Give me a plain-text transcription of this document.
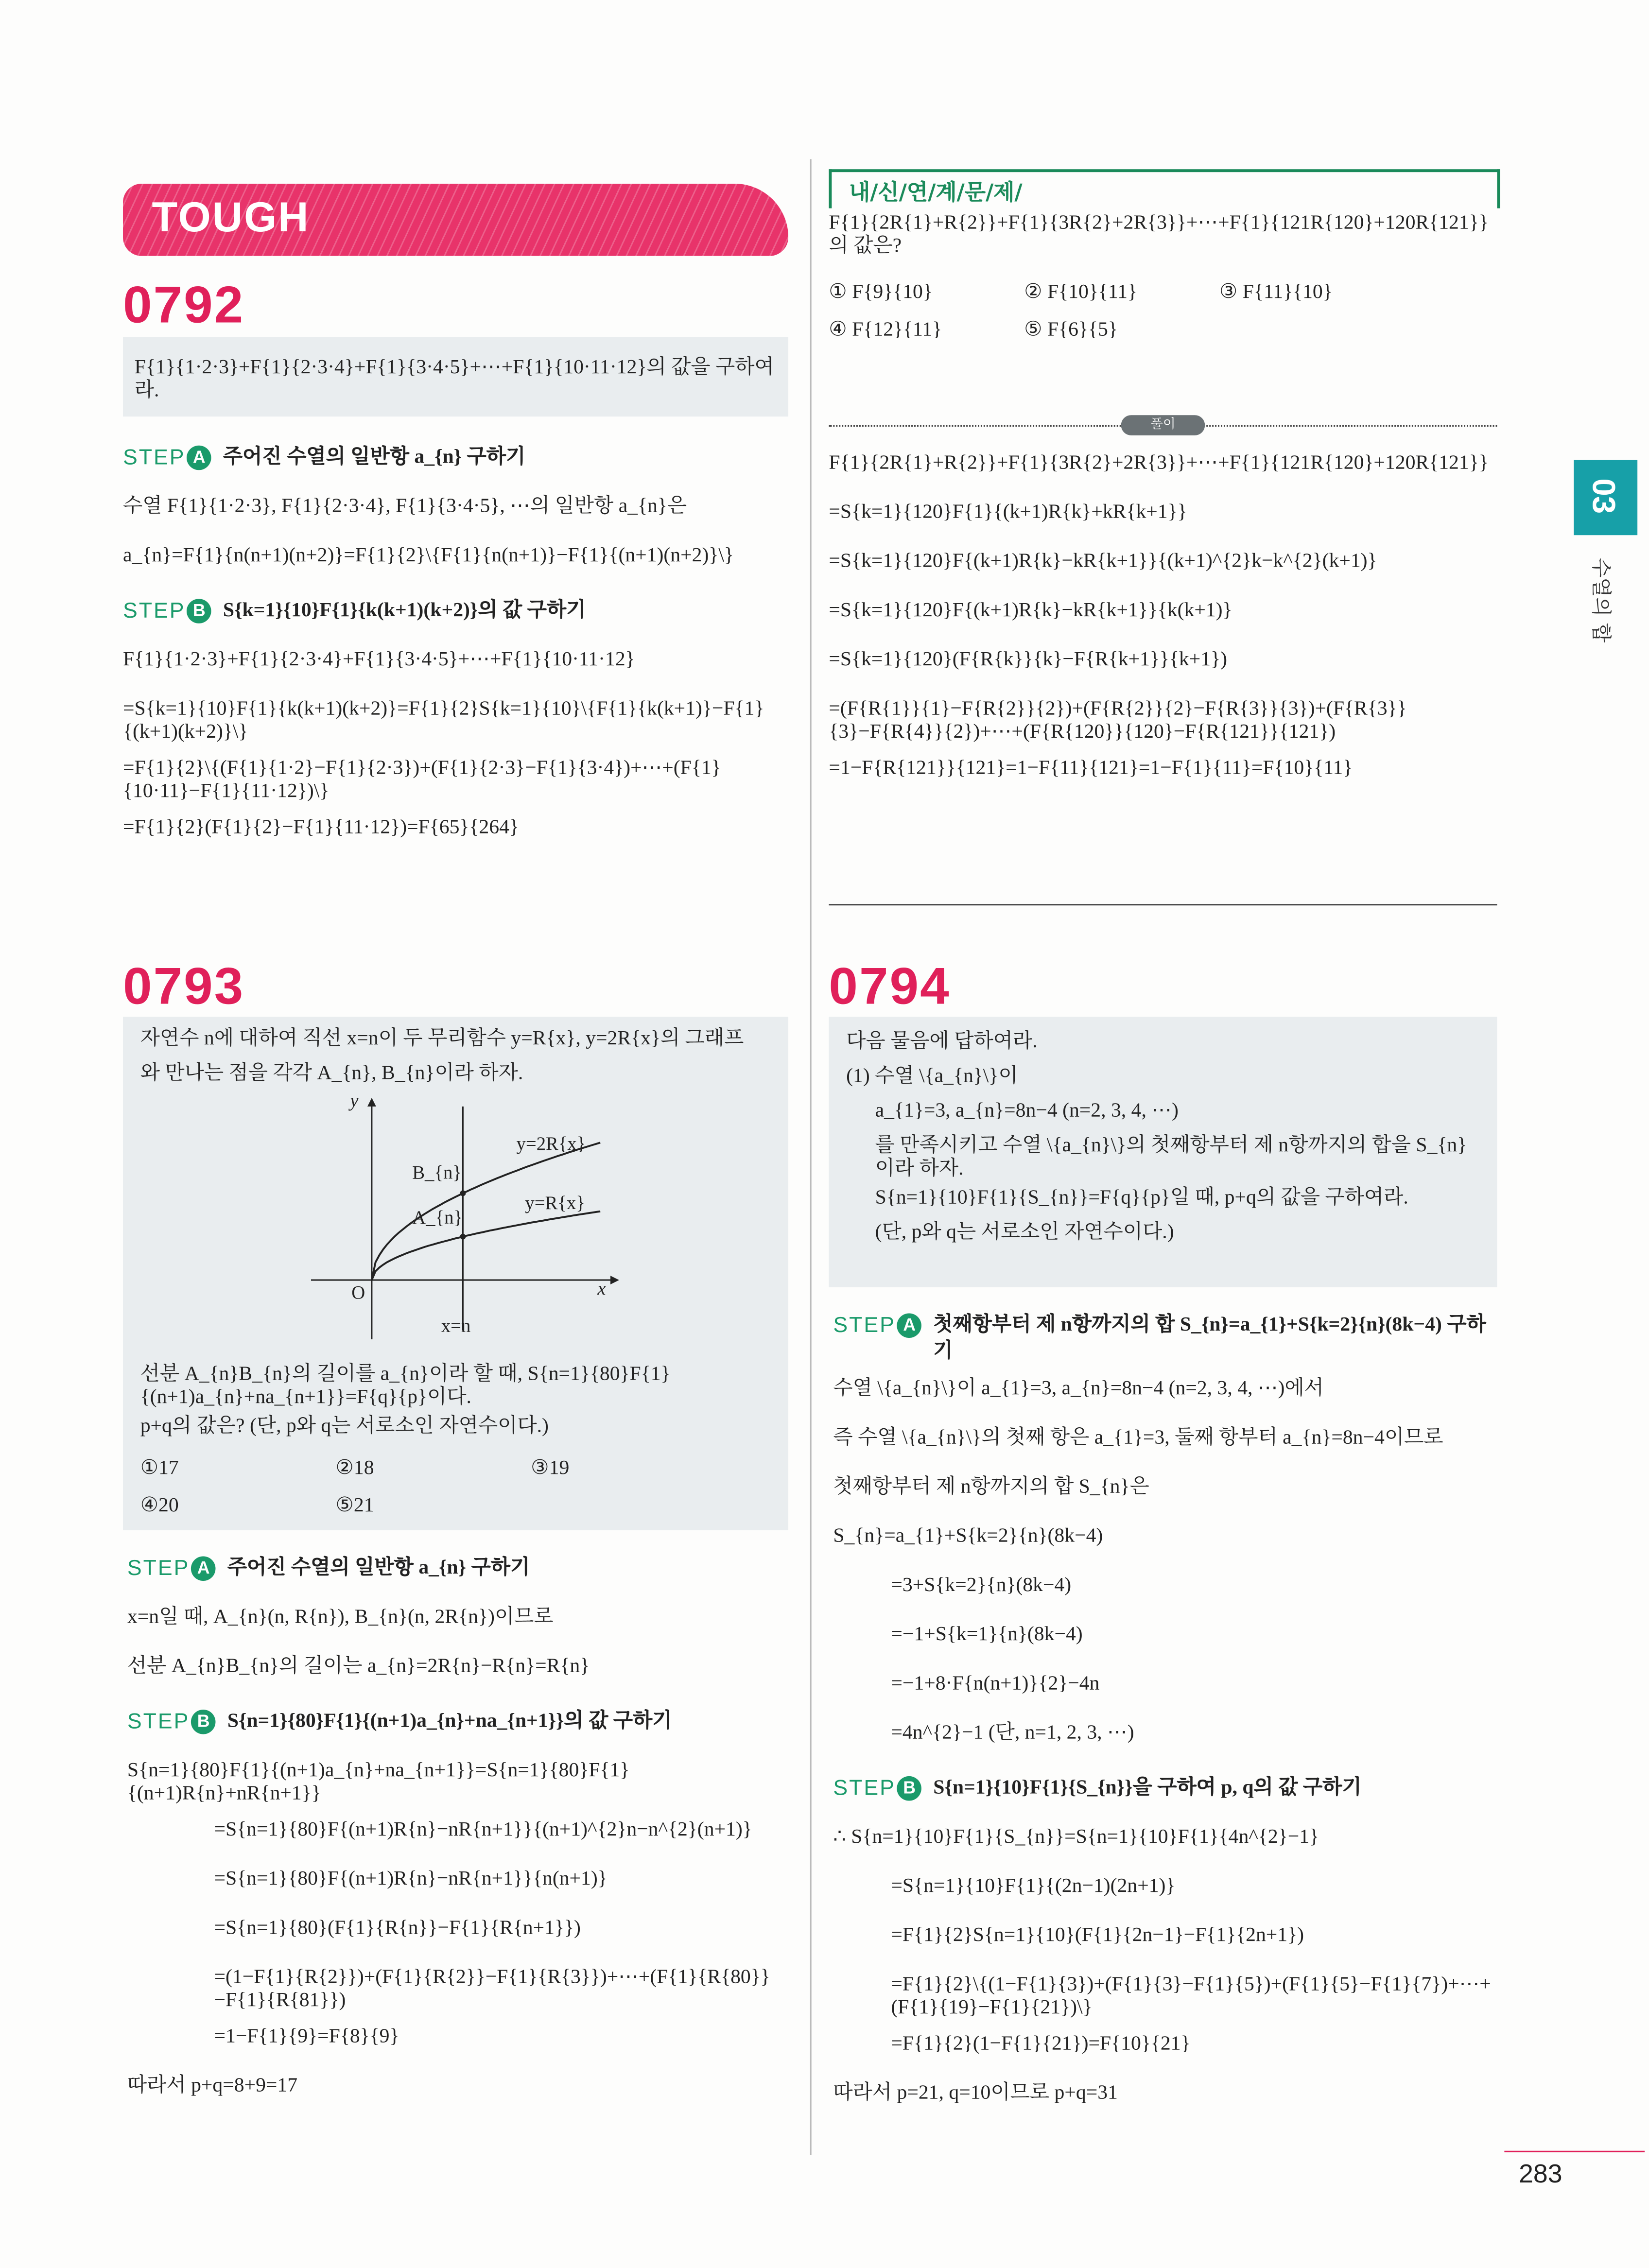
TOUGH
0792
F{1}{1·2·3}+F{1}{2·3·4}+F{1}{3·4·5}+⋯+F{1}{10·11·12}의 값을 구하여라.
STEP	A	주어진 수열의 일반항 a_{n} 구하기
수열 F{1}{1·2·3}, F{1}{2·3·4}, F{1}{3·4·5}, ⋯의 일반항 a_{n}은
a_{n}=F{1}{n(n+1)(n+2)}=F{1}{2}\{F{1}{n(n+1)}−F{1}{(n+1)(n+2)}\}
STEP	B	S{k=1}{10}F{1}{k(k+1)(k+2)}의 값 구하기
F{1}{1·2·3}+F{1}{2·3·4}+F{1}{3·4·5}+⋯+F{1}{10·11·12}
=S{k=1}{10}F{1}{k(k+1)(k+2)}=F{1}{2}S{k=1}{10}\{F{1}{k(k+1)}−F{1}{(k+1)(k+2)}\}
=F{1}{2}\{(F{1}{1·2}−F{1}{2·3})+(F{1}{2·3}−F{1}{3·4})+⋯+(F{1}{10·11}−F{1}{11·12})\}
=F{1}{2}(F{1}{2}−F{1}{11·12})=F{65}{264}
0793
자연수 n에 대하여 직선 x=n이 두 무리함수 y=R{x}, y=2R{x}의 그래프
와 만나는 점을 각각 A_{n}, B_{n}이라 하자.
y
x
O
y=2R{x}
y=R{x}
B_{n}
A_{n}
x=n
선분 A_{n}B_{n}의 길이를 a_{n}이라 할 때, S{n=1}{80}F{1}{(n+1)a_{n}+na_{n+1}}=F{q}{p}이다.
p+q의 값은? (단, p와 q는 서로소인 자연수이다.)
①17	②18	③19
④20	⑤21
STEP	A	주어진 수열의 일반항 a_{n} 구하기
x=n일 때, A_{n}(n, R{n}), B_{n}(n, 2R{n})이므로
선분 A_{n}B_{n}의 길이는 a_{n}=2R{n}−R{n}=R{n}
STEP	B	S{n=1}{80}F{1}{(n+1)a_{n}+na_{n+1}}의 값 구하기
S{n=1}{80}F{1}{(n+1)a_{n}+na_{n+1}}=S{n=1}{80}F{1}{(n+1)R{n}+nR{n+1}}
=S{n=1}{80}F{(n+1)R{n}−nR{n+1}}{(n+1)^{2}n−n^{2}(n+1)}
=S{n=1}{80}F{(n+1)R{n}−nR{n+1}}{n(n+1)}
=S{n=1}{80}(F{1}{R{n}}−F{1}{R{n+1}})
=(1−F{1}{R{2}})+(F{1}{R{2}}−F{1}{R{3}})+⋯+(F{1}{R{80}}−F{1}{R{81}})
=1−F{1}{9}=F{8}{9}
따라서 p+q=8+9=17
내/신/연/계/문/제/
F{1}{2R{1}+R{2}}+F{1}{3R{2}+2R{3}}+⋯+F{1}{121R{120}+120R{121}}의 값은?
① F{9}{10}	② F{10}{11}	③ F{11}{10}
④ F{12}{11}	⑤ F{6}{5}
풀이
F{1}{2R{1}+R{2}}+F{1}{3R{2}+2R{3}}+⋯+F{1}{121R{120}+120R{121}}
=S{k=1}{120}F{1}{(k+1)R{k}+kR{k+1}}
=S{k=1}{120}F{(k+1)R{k}−kR{k+1}}{(k+1)^{2}k−k^{2}(k+1)}
=S{k=1}{120}F{(k+1)R{k}−kR{k+1}}{k(k+1)}
=S{k=1}{120}(F{R{k}}{k}−F{R{k+1}}{k+1})
=(F{R{1}}{1}−F{R{2}}{2})+(F{R{2}}{2}−F{R{3}}{3})+(F{R{3}}{3}−F{R{4}}{2})+⋯+(F{R{120}}{120}−F{R{121}}{121})
=1−F{R{121}}{121}=1−F{11}{121}=1−F{1}{11}=F{10}{11}
0794
다음 물음에 답하여라.
(1) 수열 \{a_{n}\}이
a_{1}=3, a_{n}=8n−4 (n=2, 3, 4, ⋯)
를 만족시키고 수열 \{a_{n}\}의 첫째항부터 제 n항까지의 합을 S_{n}이라 하자.
S{n=1}{10}F{1}{S_{n}}=F{q}{p}일 때, p+q의 값을 구하여라.
(단, p와 q는 서로소인 자연수이다.)
STEP	A	첫째항부터 제 n항까지의 합 S_{n}=a_{1}+S{k=2}{n}(8k−4) 구하기
수열 \{a_{n}\}이 a_{1}=3, a_{n}=8n−4 (n=2, 3, 4, ⋯)에서
즉 수열 \{a_{n}\}의 첫째 항은 a_{1}=3, 둘째 항부터 a_{n}=8n−4이므로
첫째항부터 제 n항까지의 합 S_{n}은
S_{n}=a_{1}+S{k=2}{n}(8k−4)
=3+S{k=2}{n}(8k−4)
=−1+S{k=1}{n}(8k−4)
=−1+8·F{n(n+1)}{2}−4n
=4n^{2}−1 (단, n=1, 2, 3, ⋯)
STEP	B	S{n=1}{10}F{1}{S_{n}}을 구하여 p, q의 값 구하기
∴ S{n=1}{10}F{1}{S_{n}}=S{n=1}{10}F{1}{4n^{2}−1}
=S{n=1}{10}F{1}{(2n−1)(2n+1)}
=F{1}{2}S{n=1}{10}(F{1}{2n−1}−F{1}{2n+1})
=F{1}{2}\{(1−F{1}{3})+(F{1}{3}−F{1}{5})+(F{1}{5}−F{1}{7})+⋯+(F{1}{19}−F{1}{21})\}
=F{1}{2}(1−F{1}{21})=F{10}{21}
따라서 p=21, q=10이므로 p+q=31
03
수열의 합
283
